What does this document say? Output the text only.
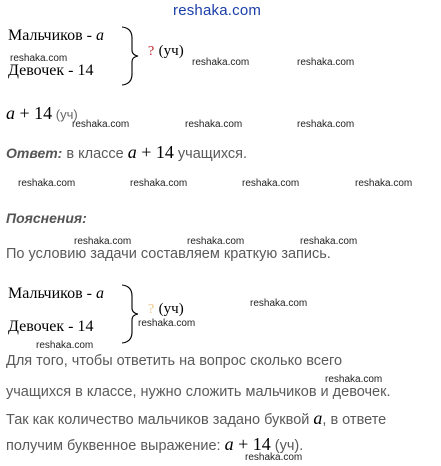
reshaka.com
Мальчиков - a
reshaka.com
Девочек - 14
? (уч)
reshaka.com	reshaka.com
a + 14 (уч)
reshaka.com	reshaka.com	reshaka.com
Ответ: в классе a + 14 учащихся.
reshaka.com	reshaka.com	reshaka.com	reshaka.com
Пояснения:
reshaka.com	reshaka.com	reshaka.com
По условию задачи составляем краткую запись.
Мальчиков - a
reshaka.com
? (уч)
reshaka.com
Девочек - 14
reshaka.com
Для того, чтобы ответить на вопрос сколько всего
reshaka.com
учащихся в классе, нужно сложить мальчиков и девочек.
Так как количество мальчиков задано буквой a, в ответе
получим буквенное выражение: a + 14 (уч).
reshaka.com
